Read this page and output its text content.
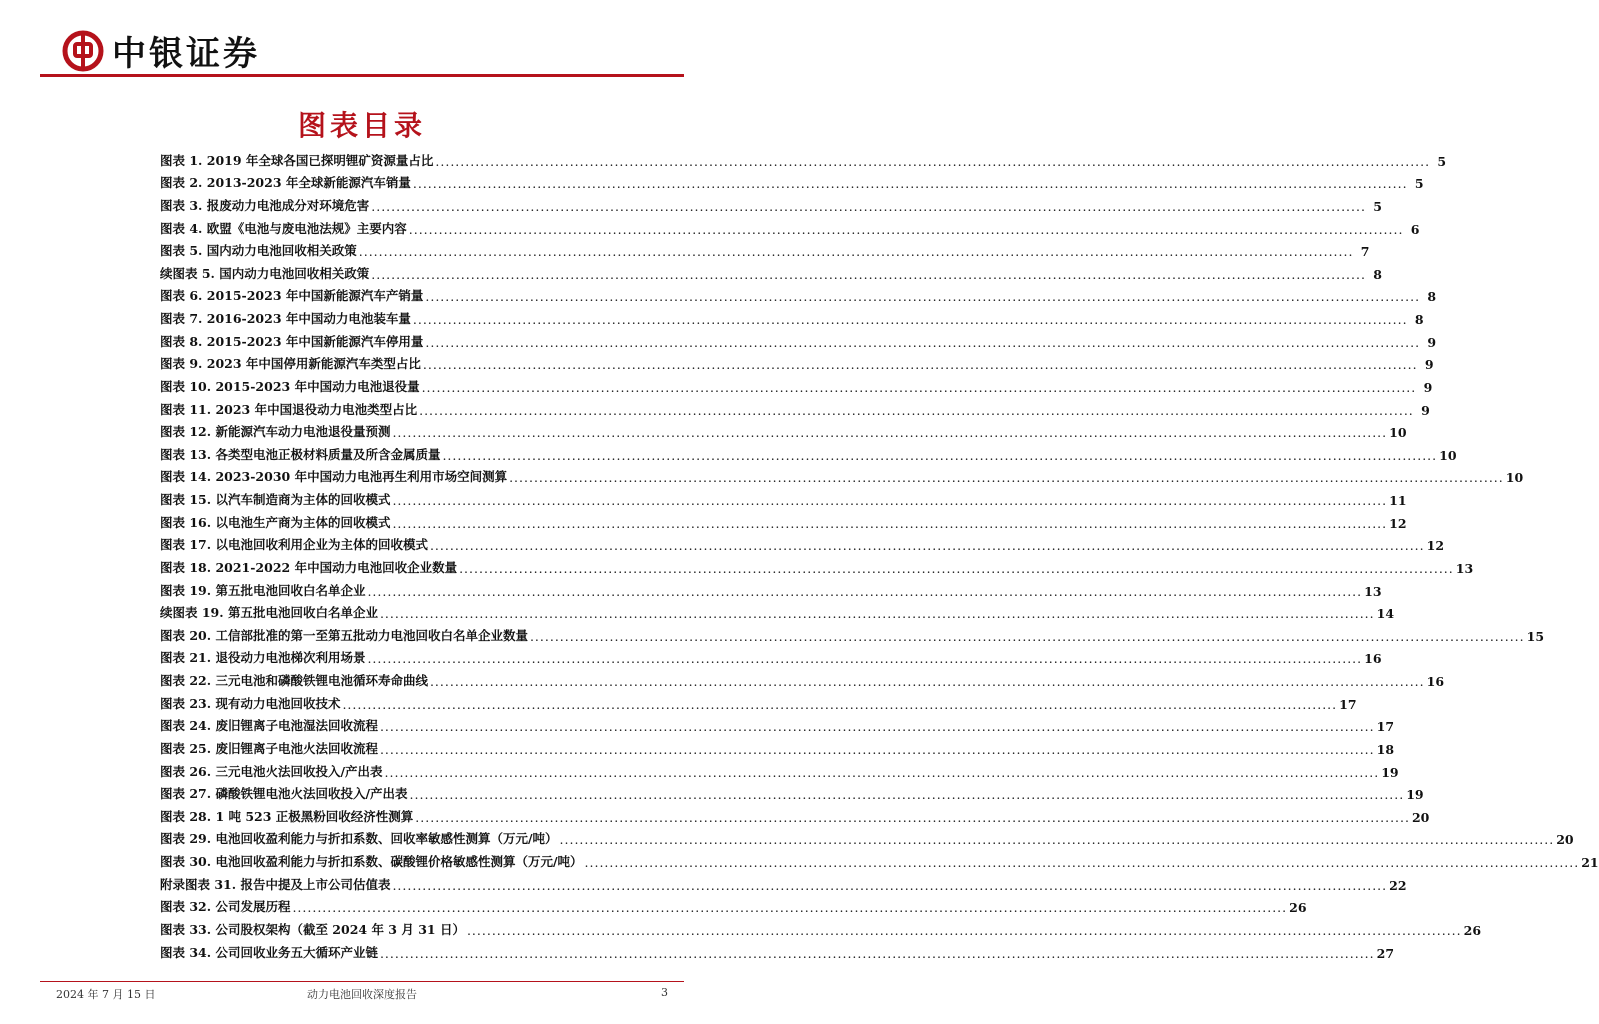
中银证券
图表目录
图表 1. 2019 年全球各国已探明锂矿资源量占比 ........................................................................................................................................................................................................ 5
图表 2. 2013-2023 年全球新能源汽车销量 ........................................................................................................................................................................................................ 5
图表 3. 报废动力电池成分对环境危害 ........................................................................................................................................................................................................ 5
图表 4. 欧盟《电池与废电池法规》主要内容 ........................................................................................................................................................................................................ 6
图表 5. 国内动力电池回收相关政策 ........................................................................................................................................................................................................ 7
续图表 5. 国内动力电池回收相关政策 ........................................................................................................................................................................................................ 8
图表 6. 2015-2023 年中国新能源汽车产销量 ........................................................................................................................................................................................................ 8
图表 7. 2016-2023 年中国动力电池装车量 ........................................................................................................................................................................................................ 8
图表 8. 2015-2023 年中国新能源汽车停用量 ........................................................................................................................................................................................................ 9
图表 9. 2023 年中国停用新能源汽车类型占比 ........................................................................................................................................................................................................ 9
图表 10. 2015-2023 年中国动力电池退役量 ........................................................................................................................................................................................................ 9
图表 11. 2023 年中国退役动力电池类型占比 ........................................................................................................................................................................................................ 9
图表 12. 新能源汽车动力电池退役量预测 ........................................................................................................................................................................................................ 10
图表 13. 各类型电池正极材料质量及所含金属质量 ........................................................................................................................................................................................................ 10
图表 14. 2023-2030 年中国动力电池再生利用市场空间测算 ........................................................................................................................................................................................................ 10
图表 15. 以汽车制造商为主体的回收模式 ........................................................................................................................................................................................................ 11
图表 16. 以电池生产商为主体的回收模式 ........................................................................................................................................................................................................ 12
图表 17. 以电池回收利用企业为主体的回收模式 ........................................................................................................................................................................................................ 12
图表 18. 2021-2022 年中国动力电池回收企业数量 ........................................................................................................................................................................................................ 13
图表 19. 第五批电池回收白名单企业 ........................................................................................................................................................................................................ 13
续图表 19. 第五批电池回收白名单企业 ........................................................................................................................................................................................................ 14
图表 20. 工信部批准的第一至第五批动力电池回收白名单企业数量 ........................................................................................................................................................................................................ 15
图表 21. 退役动力电池梯次利用场景 ........................................................................................................................................................................................................ 16
图表 22. 三元电池和磷酸铁锂电池循环寿命曲线 ........................................................................................................................................................................................................ 16
图表 23. 现有动力电池回收技术 ........................................................................................................................................................................................................ 17
图表 24. 废旧锂离子电池湿法回收流程 ........................................................................................................................................................................................................ 17
图表 25. 废旧锂离子电池火法回收流程 ........................................................................................................................................................................................................ 18
图表 26. 三元电池火法回收投入/产出表 ........................................................................................................................................................................................................ 19
图表 27. 磷酸铁锂电池火法回收投入/产出表 ........................................................................................................................................................................................................ 19
图表 28. 1 吨 523 正极黑粉回收经济性测算 ........................................................................................................................................................................................................ 20
图表 29. 电池回收盈利能力与折扣系数、回收率敏感性测算（万元/吨） ........................................................................................................................................................................................................ 20
图表 30. 电池回收盈利能力与折扣系数、碳酸锂价格敏感性测算（万元/吨） ........................................................................................................................................................................................................ 21
附录图表 31. 报告中提及上市公司估值表 ........................................................................................................................................................................................................ 22
图表 32. 公司发展历程 ........................................................................................................................................................................................................ 26
图表 33. 公司股权架构（截至 2024 年 3 月 31 日） ........................................................................................................................................................................................................ 26
图表 34. 公司回收业务五大循环产业链 ........................................................................................................................................................................................................ 27
2024 年 7 月 15 日	动力电池回收深度报告	3
